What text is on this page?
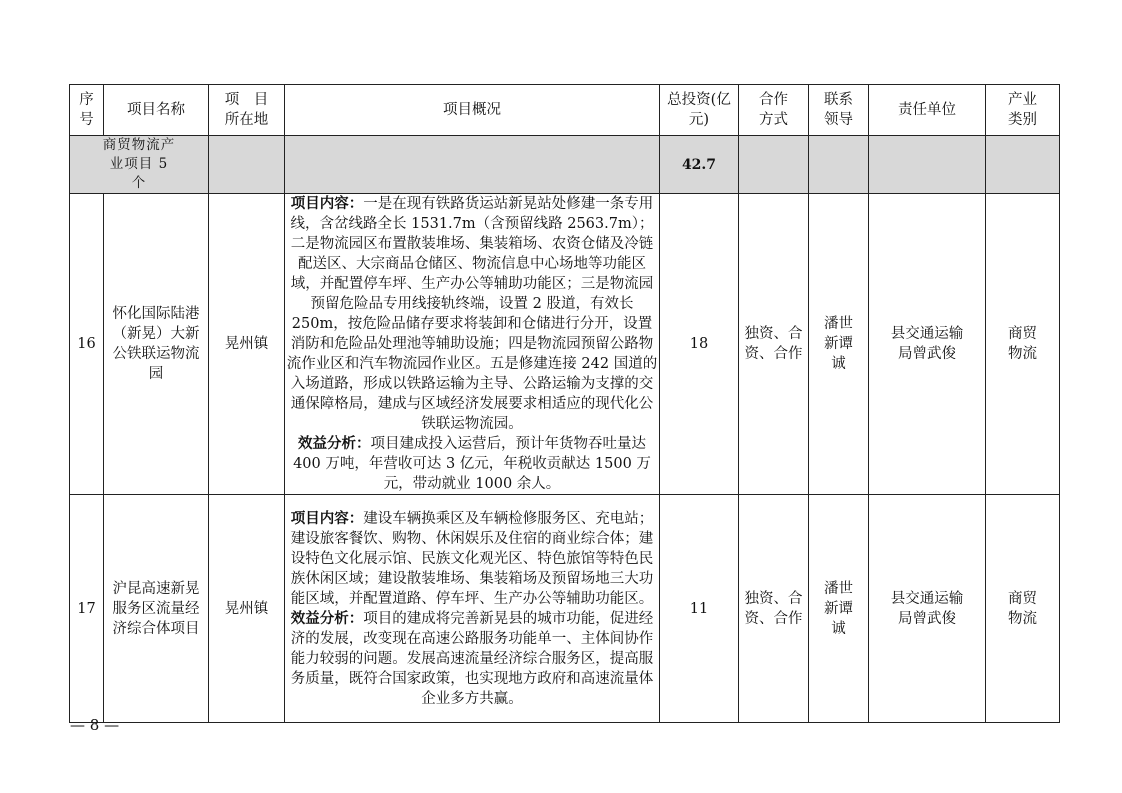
序号	项目名称	项　目所在地	项目概况	总投资(亿元)	合作方式	联系领导	责任单位	产业类别
商贸物流产业项目 5 个				42.7				
16	怀化国际陆港（新晃）大新公铁联运物流园	晃州镇	项目内容：一是在现有铁路货运站新晃站处修建一条专用线，含岔线路全长 1531.7m（含预留线路 2563.7m）；二是物流园区布置散装堆场、集装箱场、农资仓储及冷链配送区、大宗商品仓储区、物流信息中心场地等功能区域，并配置停车坪、生产办公等辅助功能区；三是物流园预留危险品专用线接轨终端，设置 2 股道，有效长 250m，按危险品储存要求将装卸和仓储进行分开，设置消防和危险品处理池等辅助设施；四是物流园预留公路物流作业区和汽车物流园作业区。五是修建连接 242 国道的入场道路，形成以铁路运输为主导、公路运输为支撑的交通保障格局，建成与区域经济发展要求相适应的现代化公铁联运物流园。
效益分析：项目建成投入运营后，预计年货物吞吐量达 400 万吨，年营收可达 3 亿元，年税收贡献达 1500 万元，带动就业 1000 余人。	18	独资、合资、合作	潘世新谭　诚	县交通运输局曾武俊	商贸物流
17	沪昆高速新晃服务区流量经济综合体项目	晃州镇	项目内容：建设车辆换乘区及车辆检修服务区、充电站；建设旅客餐饮、购物、休闲娱乐及住宿的商业综合体；建设特色文化展示馆、民族文化观光区、特色旅馆等特色民族休闲区域；建设散装堆场、集装箱场及预留场地三大功能区域，并配置道路、停车坪、生产办公等辅助功能区。
效益分析：项目的建成将完善新晃县的城市功能，促进经济的发展，改变现在高速公路服务功能单一、主体间协作能力较弱的问题。发展高速流量经济综合服务区，提高服务质量，既符合国家政策，也实现地方政府和高速流量体企业多方共赢。	11	独资、合资、合作	潘世新谭　诚	县交通运输局曾武俊	商贸物流
— 8 —
